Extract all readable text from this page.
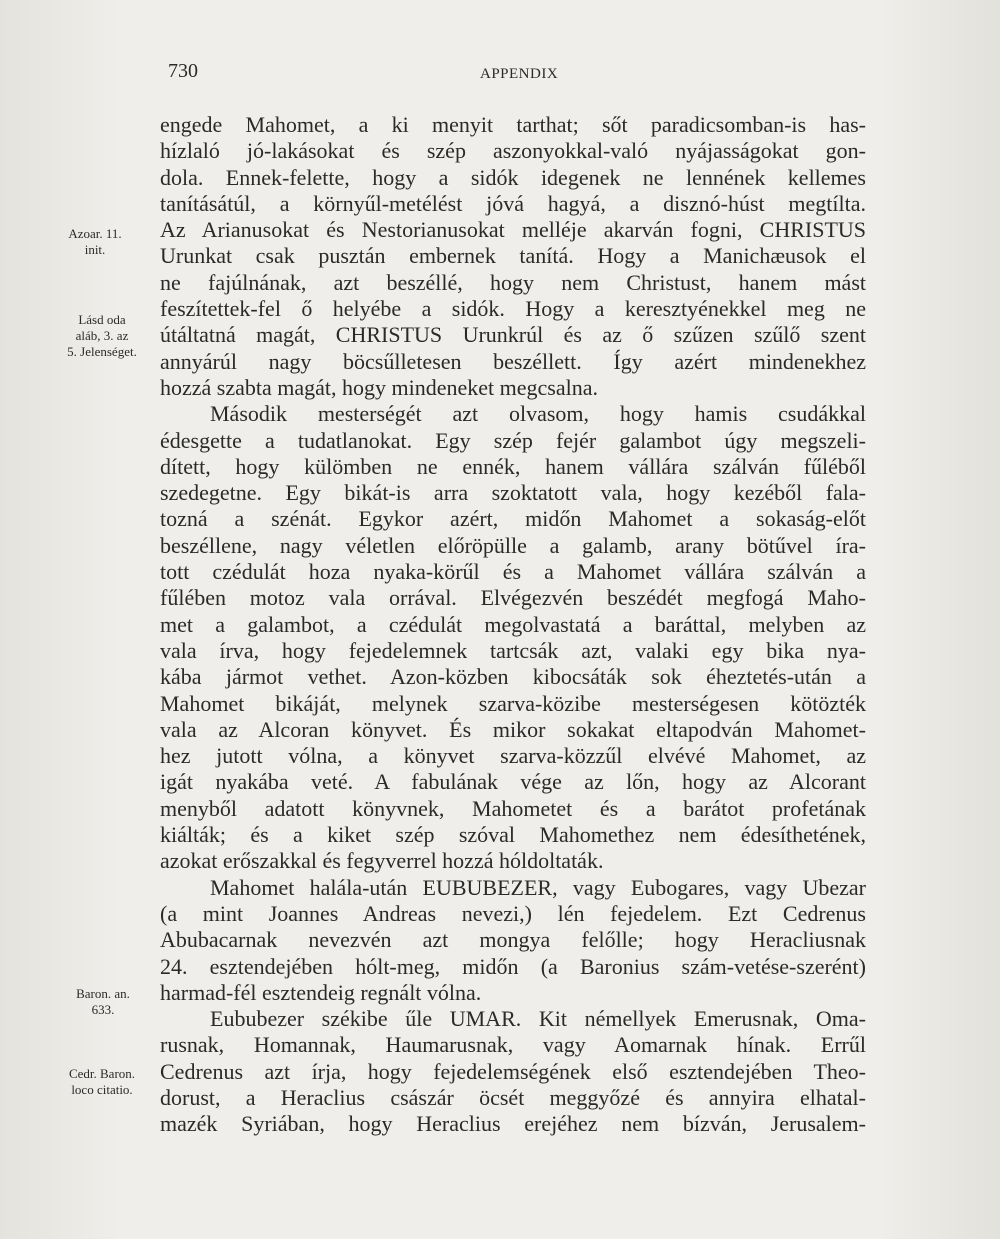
730	APPENDIX
Azoar. 11.
init.
Lásd oda
aláb, 3. az
5. Jelenséget.
Baron. an.
633.
Cedr. Baron.
loco citatio.
engede Mahomet, a ki menyit tarthat; sőt paradicsomban-is has-
hízlaló jó-lakásokat és szép aszonyokkal-való nyájasságokat gon-
dola. Ennek-felette, hogy a sidók idegenek ne lennének kellemes
tanításátúl, a környűl-metélést jóvá hagyá, a disznó-húst megtílta.
Az Arianusokat és Nestorianusokat melléje akarván fogni, CHRISTUS
Urunkat csak pusztán embernek tanítá. Hogy a Manichæusok el
ne fajúlnának, azt beszéllé, hogy nem Christust, hanem mást
feszítettek-fel ő helyébe a sidók. Hogy a keresztyénekkel meg ne
útáltatná magát, CHRISTUS Urunkrúl és az ő szűzen szűlő szent
annyárúl nagy böcsűlletesen beszéllett. Így azért mindenekhez
hozzá szabta magát, hogy mindeneket megcsalna.
Második mesterségét azt olvasom, hogy hamis csudákkal
édesgette a tudatlanokat. Egy szép fejér galambot úgy megszeli-
dített, hogy külömben ne ennék, hanem vállára szálván fűléből
szedegetne. Egy bikát-is arra szoktatott vala, hogy kezéből fala-
tozná a szénát. Egykor azért, midőn Mahomet a sokaság-előt
beszéllene, nagy véletlen előröpülle a galamb, arany bötűvel íra-
tott czédulát hoza nyaka-körűl és a Mahomet vállára szálván a
fűlében motoz vala orrával. Elvégezvén beszédét megfogá Maho-
met a galambot, a czédulát megolvastatá a baráttal, melyben az
vala írva, hogy fejedelemnek tartcsák azt, valaki egy bika nya-
kába jármot vethet. Azon-közben kibocsáták sok éheztetés-után a
Mahomet bikáját, melynek szarva-közibe mesterségesen kötözték
vala az Alcoran könyvet. És mikor sokakat eltapodván Mahomet-
hez jutott vólna, a könyvet szarva-közzűl elvévé Mahomet, az
igát nyakába veté. A fabulának vége az lőn, hogy az Alcorant
menyből adatott könyvnek, Mahometet és a barátot profetának
kiálták; és a kiket szép szóval Mahomethez nem édesíthetének,
azokat erőszakkal és fegyverrel hozzá hóldoltaták.
Mahomet halála-után EUBUBEZER, vagy Eubogares, vagy Ubezar
(a mint Joannes Andreas nevezi,) lén fejedelem. Ezt Cedrenus
Abubacarnak nevezvén azt mongya felőlle; hogy Heracliusnak
24. esztendejében hólt-meg, midőn (a Baronius szám-vetése-szerént)
harmad-fél esztendeig regnált vólna.
Eububezer székibe űle UMAR. Kit némellyek Emerusnak, Oma-
rusnak, Homannak, Haumarusnak, vagy Aomarnak hínak. Errűl
Cedrenus azt írja, hogy fejedelemségének első esztendejében Theo-
dorust, a Heraclius császár öcsét meggyőzé és annyira elhatal-
mazék Syriában, hogy Heraclius erejéhez nem bízván, Jerusalem-
